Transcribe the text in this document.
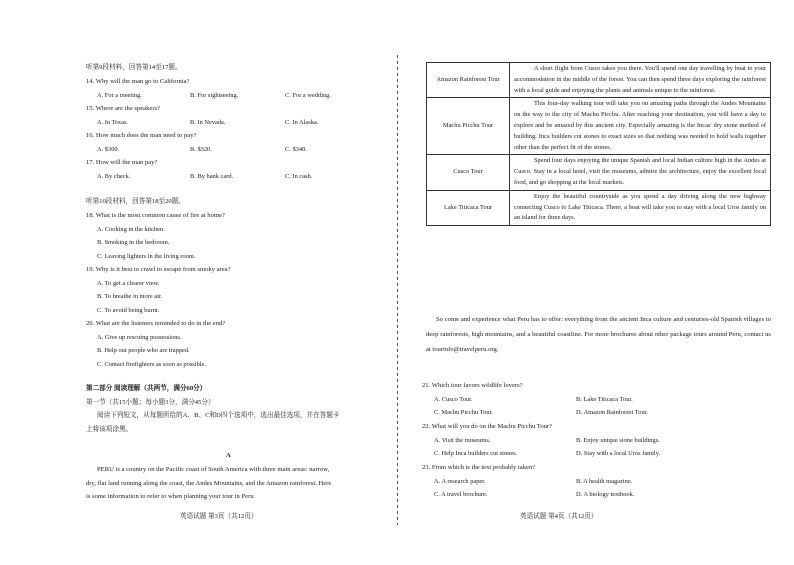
听第9段材料，回答第14至17题。
14. Why will the man go to California?
A. For a meeting.	B. For sightseeing.	C. For a wedding.
15. Where are the speakers?
A. In Texas.	B. In Nevada.	C. In Alaska.
16. How much does the man need to pay?
A. $300.	B. $320.	C. $340.
17. How will the man pay?
A. By check.	B. By bank card.	C. In cash.
听第10段材料，回答第18至20题。
18. What is the most common cause of fire at home?
A. Cooking in the kitchen.
B. Smoking in the bedroom.
C. Leaving lighters in the living room.
19. Why is it best to crawl to escape from smoky area?
A. To get a clearer view.
B. To breathe in more air.
C. To avoid being burnt.
20. What are the listeners reminded to do in the end?
A. Give up rescuing possessions.
B. Help out people who are trapped.
C. Contact firefighters as soon as possible.
第二部分 阅读理解（共两节，满分60分）
第一节（共15小题；每小题3分，满分45分）
阅读下列短文，从每题所给的A、B、C和D四个选项中，选出最佳选项，并在答题卡
上将该项涂黑。
A
PERU is a country on the Pacific coast of South America with three main areas: narrow,
dry, flat land running along the coast, the Andes Mountains, and the Amazon rainforest. Here
is some information to refer to when planning your tour in Peru.
英语试题 第3页（共12页）
Amazon Rainforest Tour	A short flight from Cusco takes you there. You'll spend one day travelling by boat to your accommodation in the middle of the forest. You can then spend three days exploring the rainforest with a local guide and enjoying the plants and animals unique to the rainforest.
Machu Picchu Tour	This four-day walking tour will take you on amazing paths through the Andes Mountains on the way to the city of Machu Picchu. After reaching your destination, you will have a day to explore and be amazed by this ancient city. Especially amazing is the Incas' dry stone method of building. Inca builders cut stones to exact sizes so that nothing was needed to hold walls together other than the perfect fit of the stones.
Cusco Tour	Spend four days enjoying the unique Spanish and local Indian culture high in the Andes at Cusco. Stay in a local hotel, visit the museums, admire the architecture, enjoy the excellent local food, and go shopping at the local markets.
Lake Titicaca Tour	Enjoy the beautiful countryside as you spend a day driving along the new highway connecting Cusco to Lake Titicaca. There, a boat will take you to stay with a local Uros family on an island for three days.
So come and experience what Peru has to offer: everything from the ancient Inca culture and centuries-old Spanish villages to deep rainforests, high mountains, and a beautiful coastline. For more brochures about other package tours around Peru, contact us at tourinfo@travelperu.org.
21. Which tour favors wildlife lovers?
A. Cusco Tour.	B. Lake Titicaca Tour.
C. Machu Picchu Tour.	D. Amazon Rainforest Tour.
22. What will you do on the Machu Picchu Tour?
A. Visit the museums.	B. Enjoy unique stone buildings.
C. Help Inca builders cut stones.	D. Stay with a local Uros family.
23. From which is the text probably taken?
A. A research paper.	B. A health magazine.
C. A travel brochure.	D. A biology textbook.
英语试题 第4页（共12页）
